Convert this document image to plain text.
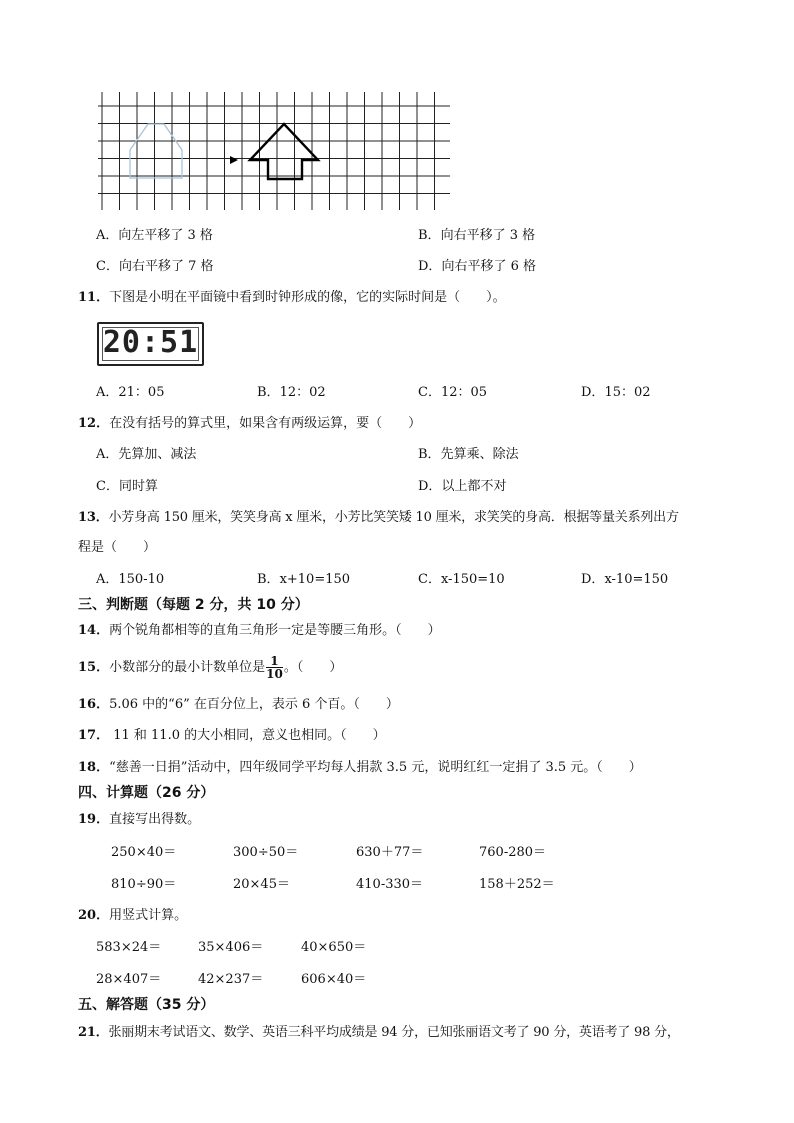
A．向左平移了 3 格	B．向右平移了 3 格
C．向右平移了 7 格	D．向右平移了 6 格
11．下图是小明在平面镜中看到时钟形成的像，它的实际时间是（　　）。
20:51
A．21：05	B．12：02	C．12：05	D．15：02
12．在没有括号的算式里，如果含有两级运算，要（　　）
A．先算加、减法	B．先算乘、除法
C．同时算	D．以上都不对
13．小芳身高 150 厘米，笑笑身高 x 厘米，小芳比笑笑矮 10 厘米，求笑笑的身高．根据等量关系列出方
程是（　　）
A．150-10	B．x+10=150	C．x-150=10	D．x-10=150
三、判断题（每题 2 分，共 10 分）
14．两个锐角都相等的直角三角形一定是等腰三角形。（　　）
15．小数部分的最小计数单位是 $\frac{1}{10}$ 。（　　）
16．5.06 中的“6” 在百分位上，表示 6 个百。（　　）
17． 11 和 11.0 的大小相同，意义也相同。（　　）
18．“慈善一日捐”活动中，四年级同学平均每人捐款 3.5 元，说明红红一定捐了 3.5 元。（　　）
四、计算题（26 分）
19．直接写出得数。
250×40＝	300÷50＝	630＋77＝	760-280＝
810÷90＝	20×45＝	410-330＝	158＋252＝
20．用竖式计算。
583×24＝	35×406＝	40×650＝
28×407＝	42×237＝	606×40＝
五、解答题（35 分）
21．张丽期末考试语文、数学、英语三科平均成绩是 94 分，已知张丽语文考了 90 分，英语考了 98 分，
